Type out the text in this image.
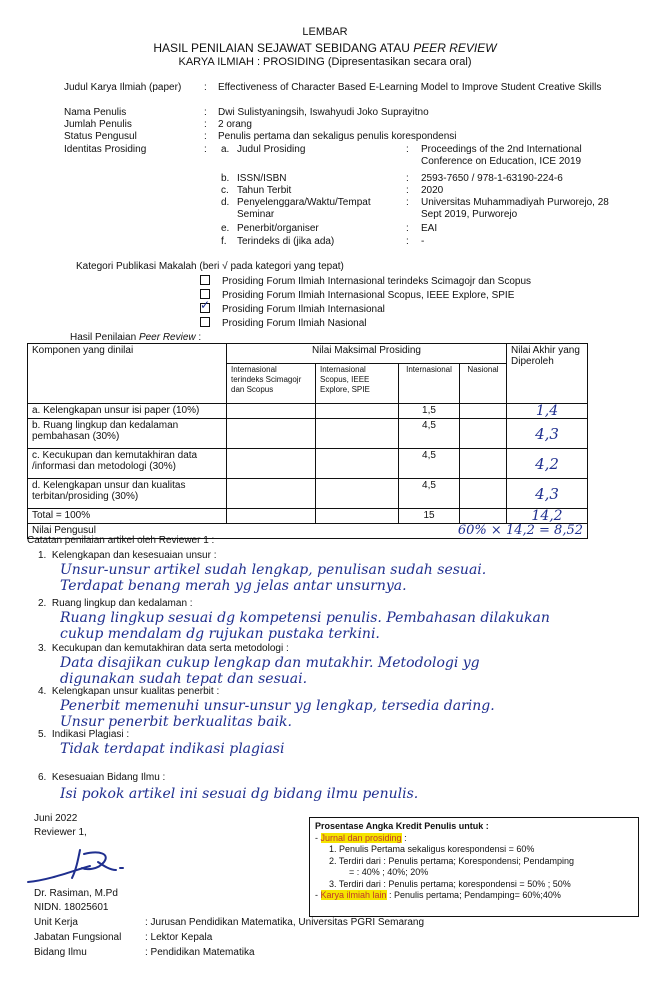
LEMBAR
HASIL PENILAIAN SEJAWAT SEBIDANG ATAU PEER REVIEW
KARYA ILMIAH : PROSIDING (Dipresentasikan secara oral)
Judul Karya Ilmiah (paper)	: Effectiveness of Character Based E-Learning Model to Improve Student Creative Skills
Nama Penulis	: Dwi Sulistyaningsih, Iswahyudi Joko Suprayitno
Jumlah Penulis	: 2 orang
Status Pengusul	: Penulis pertama dan sekaligus penulis korespondensi
Identitas Prosiding	: a. Judul Prosiding	: Proceedings of the 2nd International Conference on Education, ICE 2019
b. ISSN/ISBN	: 2593-7650 / 978-1-63190-224-6
c. Tahun Terbit	: 2020
d. Penyelenggara/Waktu/Tempat Seminar
: Universitas Muhammadiyah Purworejo, 28 Sept 2019, Purworejo
e. Penerbit/organiser	: EAI
f. Terindeks di (jika ada)	: -
Kategori Publikasi Makalah (beri √ pada kategori yang tepat)
Prosiding Forum Ilmiah Internasional terindeks Scimagojr dan Scopus
Prosiding Forum Ilmiah Internasional Scopus, IEEE Explore, SPIE
✓Prosiding Forum Ilmiah Internasional
Prosiding Forum Ilmiah Nasional
Hasil Penilaian Peer Review :
Komponen yang dinilai	Nilai Maksimal Prosiding				Nilai Akhir yang Diperoleh
	Internasional terindeks Scimagojr dan Scopus	Internasional Scopus, IEEE Explore, SPIE	Internasional	Nasional	
a. Kelengkapan unsur isi paper (10%)			1,5		1,4
b. Ruang lingkup dan kedalaman pembahasan (30%)			4,5		4,3
c. Kecukupan dan kemutakhiran data /informasi dan metodologi (30%)			4,5		4,2
d. Kelengkapan unsur dan kualitas terbitan/prosiding (30%)			4,5		4,3
Total = 100%			15		14,2
Nilai Pengusul	60% × 14,2 = 8,52				
Catatan penilaian artikel oleh Reviewer 1 :
1. Kelengkapan dan kesesuaian unsur :
Unsur-unsur artikel sudah lengkap, penulisan sudah sesuai.
Terdapat benang merah yg jelas antar unsurnya.
2. Ruang lingkup dan kedalaman :
Ruang lingkup sesuai dg kompetensi penulis. Pembahasan dilakukan
cukup mendalam dg rujukan pustaka terkini.
3. Kecukupan dan kemutakhiran data serta metodologi :
Data disajikan cukup lengkap dan mutakhir. Metodologi yg
digunakan sudah tepat dan sesuai.
4. Kelengkapan unsur kualitas penerbit :
Penerbit memenuhi unsur-unsur yg lengkap, tersedia daring.
Unsur penerbit berkualitas baik.
5. Indikasi Plagiasi :
Tidak terdapat indikasi plagiasi
6. Kesesuaian Bidang Ilmu :
Isi pokok artikel ini sesuai dg bidang ilmu penulis.
Juni 2022
Reviewer 1,
Dr. Rasiman, M.Pd
NIDN. 18025601
Unit Kerja	: Jurusan Pendidikan Matematika, Universitas PGRI Semarang
Jabatan Fungsional : Lektor Kepala
Bidang Ilmu	: Pendidikan Matematika
Prosentase Angka Kredit Penulis untuk :
- Jurnal dan prosiding :
1. Penulis Pertama sekaligus korespondensi = 60%
2. Terdiri dari : Penulis pertama; Korespondensi; Pendamping
= : 40% ; 40%; 20%
3. Terdiri dari : Penulis pertama; korespondensi = 50% ; 50%
- Karya ilmiah lain : Penulis pertama; Pendamping= 60%;40%
